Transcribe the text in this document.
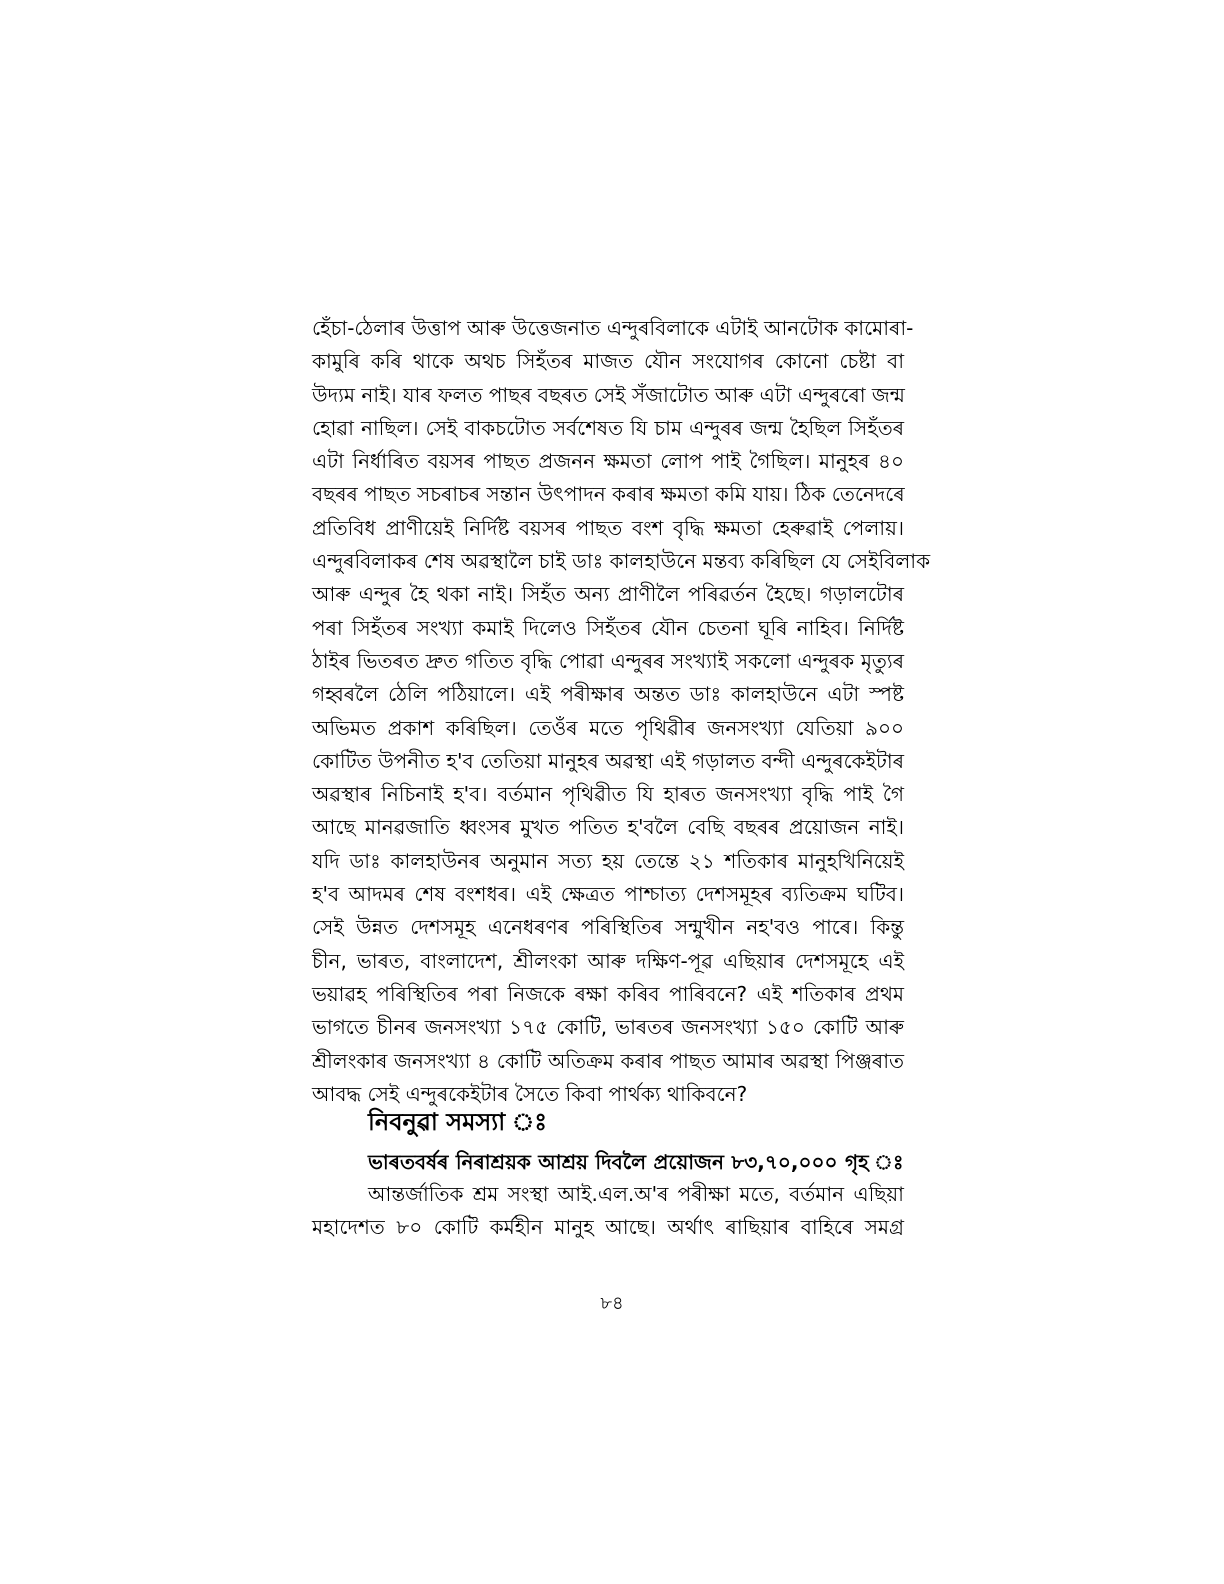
হেঁচা-ঠেলাৰ উত্তাপ আৰু উত্তেজনাত এন্দুৰবিলাকে এটাই আনটোক কামোৰা-
কামুৰি কৰি থাকে অথচ সিহঁতৰ মাজত যৌন সংযোগৰ কোনো চেষ্টা বা
উদ্যম নাই। যাৰ ফলত পাছৰ বছৰত সেই সঁজাটোত আৰু এটা এন্দুৰৰো জন্ম
হোৱা নাছিল। সেই বাকচটোত সৰ্বশেষত যি চাম এন্দুৰৰ জন্ম হৈছিল সিহঁতৰ
এটা নিৰ্ধাৰিত বয়সৰ পাছত প্ৰজনন ক্ষমতা লোপ পাই গৈছিল। মানুহৰ ৪০
বছৰৰ পাছত সচৰাচৰ সন্তান উৎপাদন কৰাৰ ক্ষমতা কমি যায়। ঠিক তেনেদৰে
প্ৰতিবিধ প্ৰাণীয়েই নিৰ্দিষ্ট বয়সৰ পাছত বংশ বৃদ্ধি ক্ষমতা হেৰুৱাই পেলায়।
এন্দুৰবিলাকৰ শেষ অৱস্থালৈ চাই ডাঃ কালহাউনে মন্তব্য কৰিছিল যে সেইবিলাক
আৰু এন্দুৰ হৈ থকা নাই। সিহঁত অন্য প্ৰাণীলৈ পৰিৱৰ্তন হৈছে। গড়ালটোৰ
পৰা সিহঁতৰ সংখ্যা কমাই দিলেও সিহঁতৰ যৌন চেতনা ঘূৰি নাহিব। নিৰ্দিষ্ট
ঠাইৰ ভিতৰত দ্ৰুত গতিত বৃদ্ধি পোৱা এন্দুৰৰ সংখ্যাই সকলো এন্দুৰক মৃত্যুৰ
গহ্বৰলৈ ঠেলি পঠিয়ালে। এই পৰীক্ষাৰ অন্তত ডাঃ কালহাউনে এটা স্পষ্ট
অভিমত প্ৰকাশ কৰিছিল। তেওঁৰ মতে পৃথিৱীৰ জনসংখ্যা যেতিয়া ৯০০
কোটিত উপনীত হ'ব তেতিয়া মানুহৰ অৱস্থা এই গড়ালত বন্দী এন্দুৰকেইটাৰ
অৱস্থাৰ নিচিনাই হ'ব। বৰ্তমান পৃথিৱীত যি হাৰত জনসংখ্যা বৃদ্ধি পাই গৈ
আছে মানৱজাতি ধ্বংসৰ মুখত পতিত হ'বলৈ বেছি বছৰৰ প্ৰয়োজন নাই।
যদি ডাঃ কালহাউনৰ অনুমান সত্য হয় তেন্তে ২১ শতিকাৰ মানুহখিনিয়েই
হ'ব আদমৰ শেষ বংশধৰ। এই ক্ষেত্ৰত পাশ্চাত্য দেশসমূহৰ ব্যতিক্ৰম ঘটিব।
সেই উন্নত দেশসমূহ এনেধৰণৰ পৰিস্থিতিৰ সন্মুখীন নহ'বও পাৰে। কিন্তু
চীন, ভাৰত, বাংলাদেশ, শ্ৰীলংকা আৰু দক্ষিণ-পূৱ এছিয়াৰ দেশসমূহে এই
ভয়াৱহ পৰিস্থিতিৰ পৰা নিজকে ৰক্ষা কৰিব পাৰিবনে? এই শতিকাৰ প্ৰথম
ভাগতে চীনৰ জনসংখ্যা ১৭৫ কোটি, ভাৰতৰ জনসংখ্যা ১৫০ কোটি আৰু
শ্ৰীলংকাৰ জনসংখ্যা ৪ কোটি অতিক্ৰম কৰাৰ পাছত আমাৰ অৱস্থা পিঞ্জৰাত
আবদ্ধ সেই এন্দুৰকেইটাৰ সৈতে কিবা পাৰ্থক্য থাকিবনে?
নিবনুৱা সমস্যা ঃ
ভাৰতবৰ্ষৰ নিৰাশ্ৰয়ক আশ্ৰয় দিবলৈ প্ৰয়োজন ৮৩,৭০,০০০ গৃহ ঃ
আন্তৰ্জাতিক শ্ৰম সংস্থা আই.এল.অ'ৰ পৰীক্ষা মতে, বৰ্তমান এছিয়া
মহাদেশত ৮০ কোটি কৰ্মহীন মানুহ আছে। অৰ্থাৎ ৰাছিয়াৰ বাহিৰে সমগ্ৰ
৮৪
